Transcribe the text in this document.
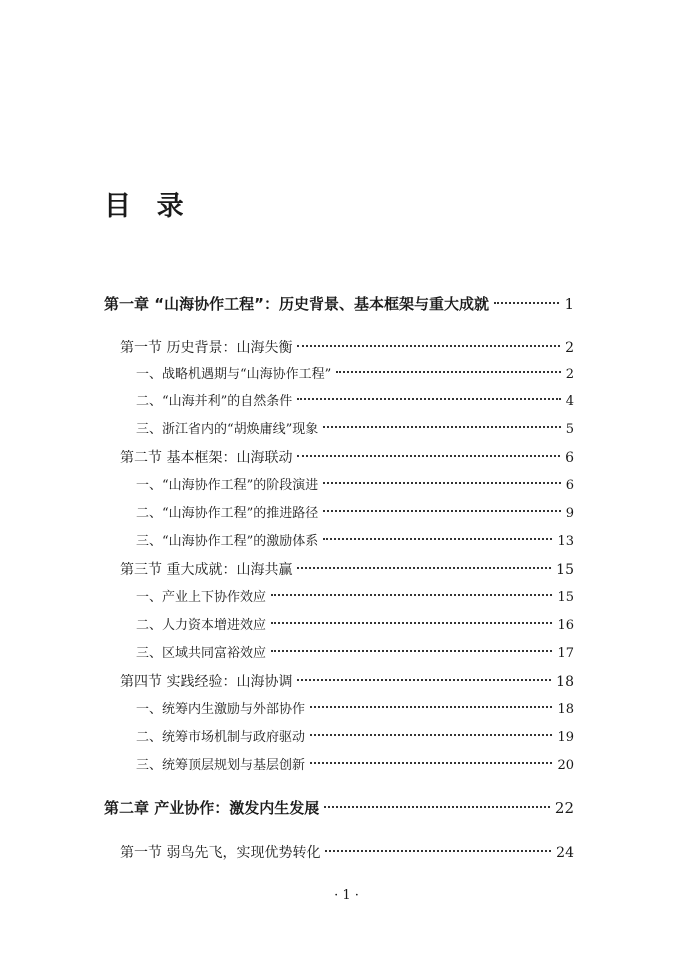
目 录
第一章 “山海协作工程”：历史背景、基本框架与重大成就	1
第一节 历史背景：山海失衡	2
一、战略机遇期与“山海协作工程”	2
二、“山海并利”的自然条件	4
三、浙江省内的“胡焕庸线”现象	5
第二节 基本框架：山海联动	6
一、“山海协作工程”的阶段演进	6
二、“山海协作工程”的推进路径	9
三、“山海协作工程”的激励体系	13
第三节 重大成就：山海共赢	15
一、产业上下协作效应	15
二、人力资本增进效应	16
三、区域共同富裕效应	17
第四节 实践经验：山海协调	18
一、统筹内生激励与外部协作	18
二、统筹市场机制与政府驱动	19
三、统筹顶层规划与基层创新	20
第二章 产业协作：激发内生发展	22
第一节 弱鸟先飞，实现优势转化	24
· 1 ·
